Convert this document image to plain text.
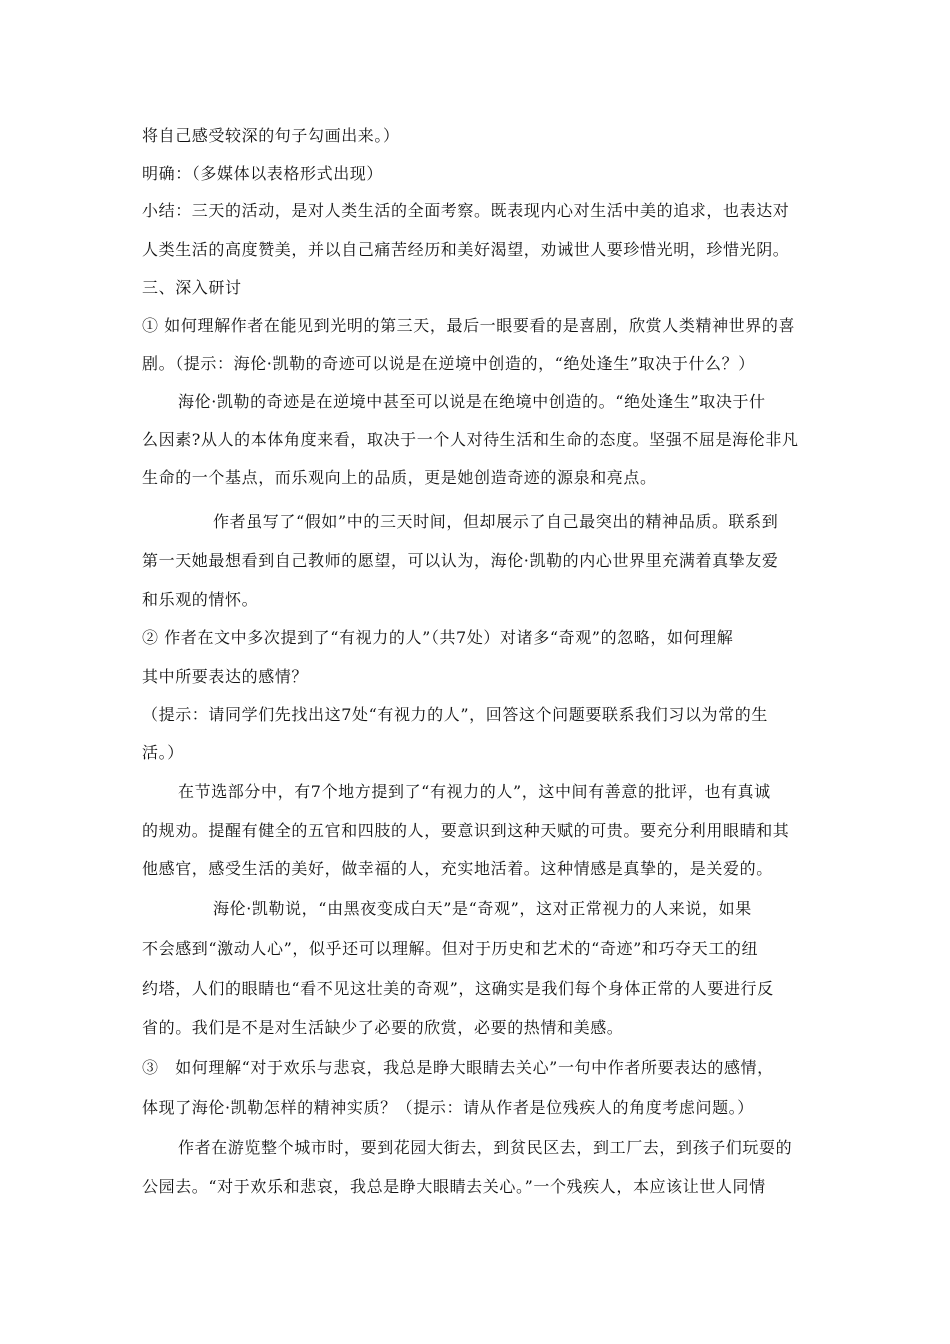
将自己感受较深的句子勾画出来。）

明确：（多媒体以表格形式出现）

小结：三天的活动，是对人类生活的全面考察。既表现内心对生活中美的追求，也表达对

人类生活的高度赞美，并以自己痛苦经历和美好渴望，劝诫世人要珍惜光明，珍惜光阴。

三、深入研讨

① 如何理解作者在能见到光明的第三天，最后一眼要看的是喜剧，欣赏人类精神世界的喜

剧。（提示：海伦·凯勒的奇迹可以说是在逆境中创造的，“绝处逢生”取决于什么？）

海伦·凯勒的奇迹是在逆境中甚至可以说是在绝境中创造的。“绝处逢生”取决于什

么因素?从人的本体角度来看，取决于一个人对待生活和生命的态度。坚强不屈是海伦非凡

生命的一个基点，而乐观向上的品质，更是她创造奇迹的源泉和亮点。

作者虽写了“假如”中的三天时间，但却展示了自己最突出的精神品质。联系到

第一天她最想看到自己教师的愿望，可以认为，海伦·凯勒的内心世界里充满着真挚友爱

和乐观的情怀。

② 作者在文中多次提到了“有视力的人”（共7处）对诸多“奇观”的忽略，如何理解

其中所要表达的感情？

（提示：请同学们先找出这7处“有视力的人”，回答这个问题要联系我们习以为常的生

活。）

在节选部分中，有7个地方提到了“有视力的人”，这中间有善意的批评，也有真诚

的规劝。提醒有健全的五官和四肢的人，要意识到这种天赋的可贵。要充分利用眼睛和其

他感官，感受生活的美好，做幸福的人，充实地活着。这种情感是真挚的，是关爱的。

海伦·凯勒说，“由黑夜变成白天”是“奇观”，这对正常视力的人来说，如果

不会感到“激动人心”，似乎还可以理解。但对于历史和艺术的“奇迹”和巧夺天工的纽

约塔，人们的眼睛也“看不见这壮美的奇观”，这确实是我们每个身体正常的人要进行反

省的。我们是不是对生活缺少了必要的欣赏，必要的热情和美感。

③　如何理解“对于欢乐与悲哀，我总是睁大眼睛去关心”一句中作者所要表达的感情，

体现了海伦·凯勒怎样的精神实质？（提示：请从作者是位残疾人的角度考虑问题。）

作者在游览整个城市时，要到花园大街去，到贫民区去，到工厂去，到孩子们玩耍的

公园去。“对于欢乐和悲哀，我总是睁大眼睛去关心。”一个残疾人，本应该让世人同情
